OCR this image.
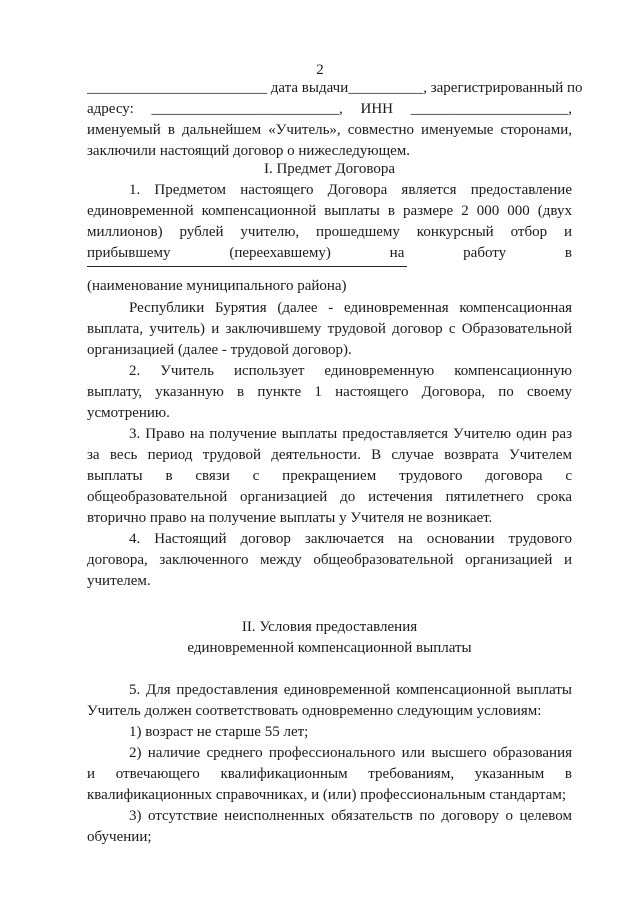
2
________________________ дата выдачи__________, зарегистрированный по
адресу: _________________________, ИНН _____________________,
именуемый в дальнейшем «Учитель», совместно именуемые сторонами,
заключили настоящий договор о нижеследующем.
I. Предмет Договора
1. Предметом настоящего Договора является предоставление
единовременной компенсационной выплаты в размере 2 000 000 (двух
миллионов) рублей учителю, прошедшему конкурсный отбор и
прибывшему (переехавшему) на работу в
(наименование муниципального района)
Республики Бурятия (далее - единовременная компенсационная
выплата, учитель) и заключившему трудовой договор с Образовательной
организацией (далее - трудовой договор).
2. Учитель использует единовременную компенсационную
выплату, указанную в пункте 1 настоящего Договора, по своему
усмотрению.
3. Право на получение выплаты предоставляется Учителю один раз
за весь период трудовой деятельности. В случае возврата Учителем
выплаты в связи с прекращением трудового договора с
общеобразовательной организацией до истечения пятилетнего срока
вторично право на получение выплаты у Учителя не возникает.
4. Настоящий договор заключается на основании трудового
договора, заключенного между общеобразовательной организацией и
учителем.
II. Условия предоставления
единовременной компенсационной выплаты
5. Для предоставления единовременной компенсационной выплаты
Учитель должен соответствовать одновременно следующим условиям:
1) возраст не старше 55 лет;
2) наличие среднего профессионального или высшего образования
и отвечающего квалификационным требованиям, указанным в
квалификационных справочниках, и (или) профессиональным стандартам;
3) отсутствие неисполненных обязательств по договору о целевом
обучении;
